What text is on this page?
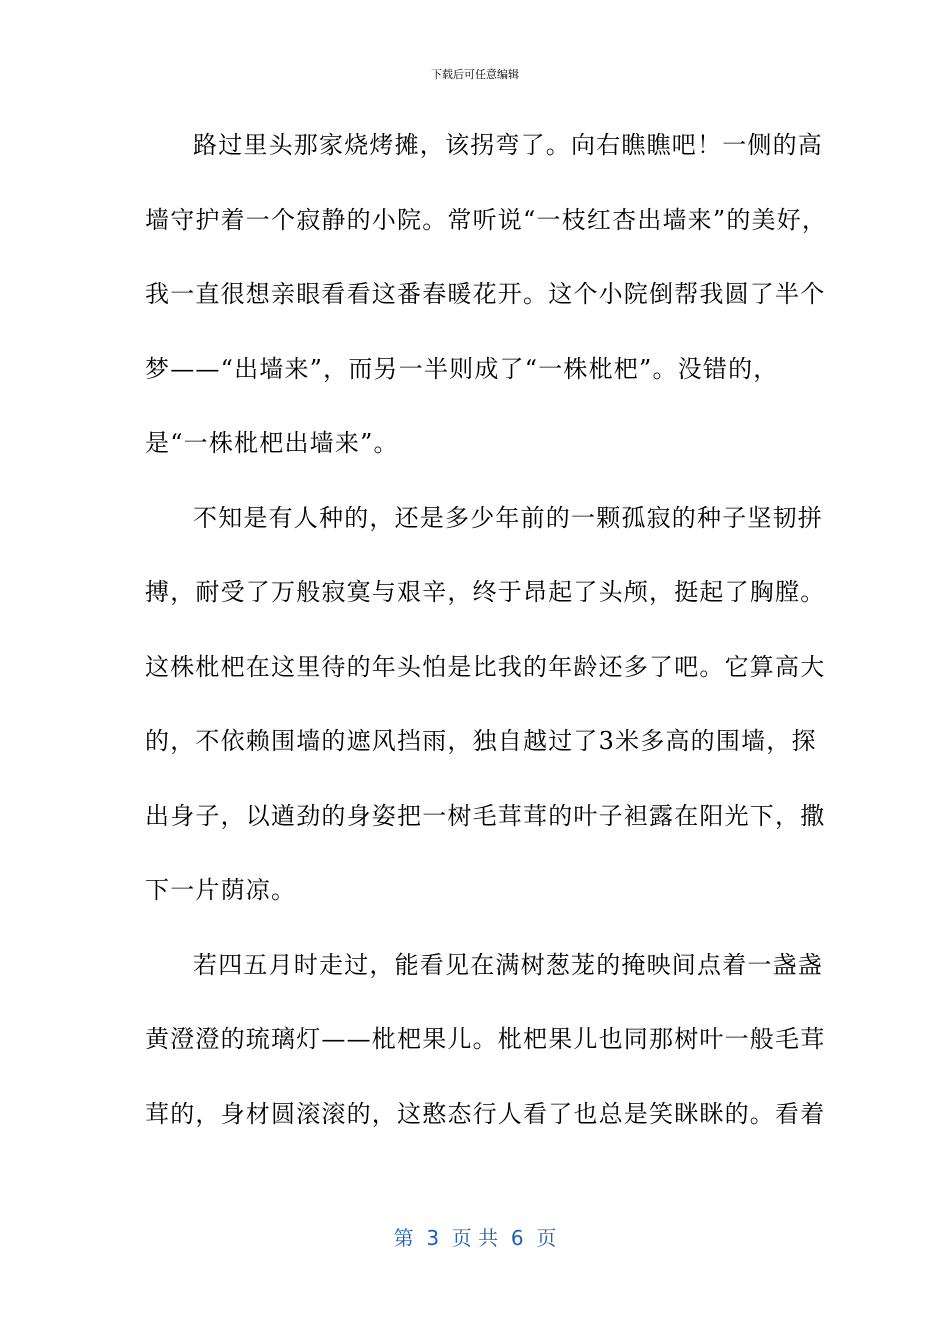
下载后可任意编辑
路过里头那家烧烤摊，该拐弯了。向右瞧瞧吧！一侧的高
墙守护着一个寂静的小院。常听说“一枝红杏出墙来”的美好，
我一直很想亲眼看看这番春暖花开。这个小院倒帮我圆了半个
梦——“出墙来”，而另一半则成了“一株枇杷”。没错的，
是“一株枇杷出墙来”。
不知是有人种的，还是多少年前的一颗孤寂的种子坚韧拼
搏，耐受了万般寂寞与艰辛，终于昂起了头颅，挺起了胸膛。
这株枇杷在这里待的年头怕是比我的年龄还多了吧。它算高大
的，不依赖围墙的遮风挡雨，独自越过了3米多高的围墙，探
出身子，以遒劲的身姿把一树毛茸茸的叶子袒露在阳光下，撒
下一片荫凉。
若四五月时走过，能看见在满树葱茏的掩映间点着一盏盏
黄澄澄的琉璃灯——枇杷果儿。枇杷果儿也同那树叶一般毛茸
茸的，身材圆滚滚的，这憨态行人看了也总是笑眯眯的。看着
第  3  页 共  6  页
